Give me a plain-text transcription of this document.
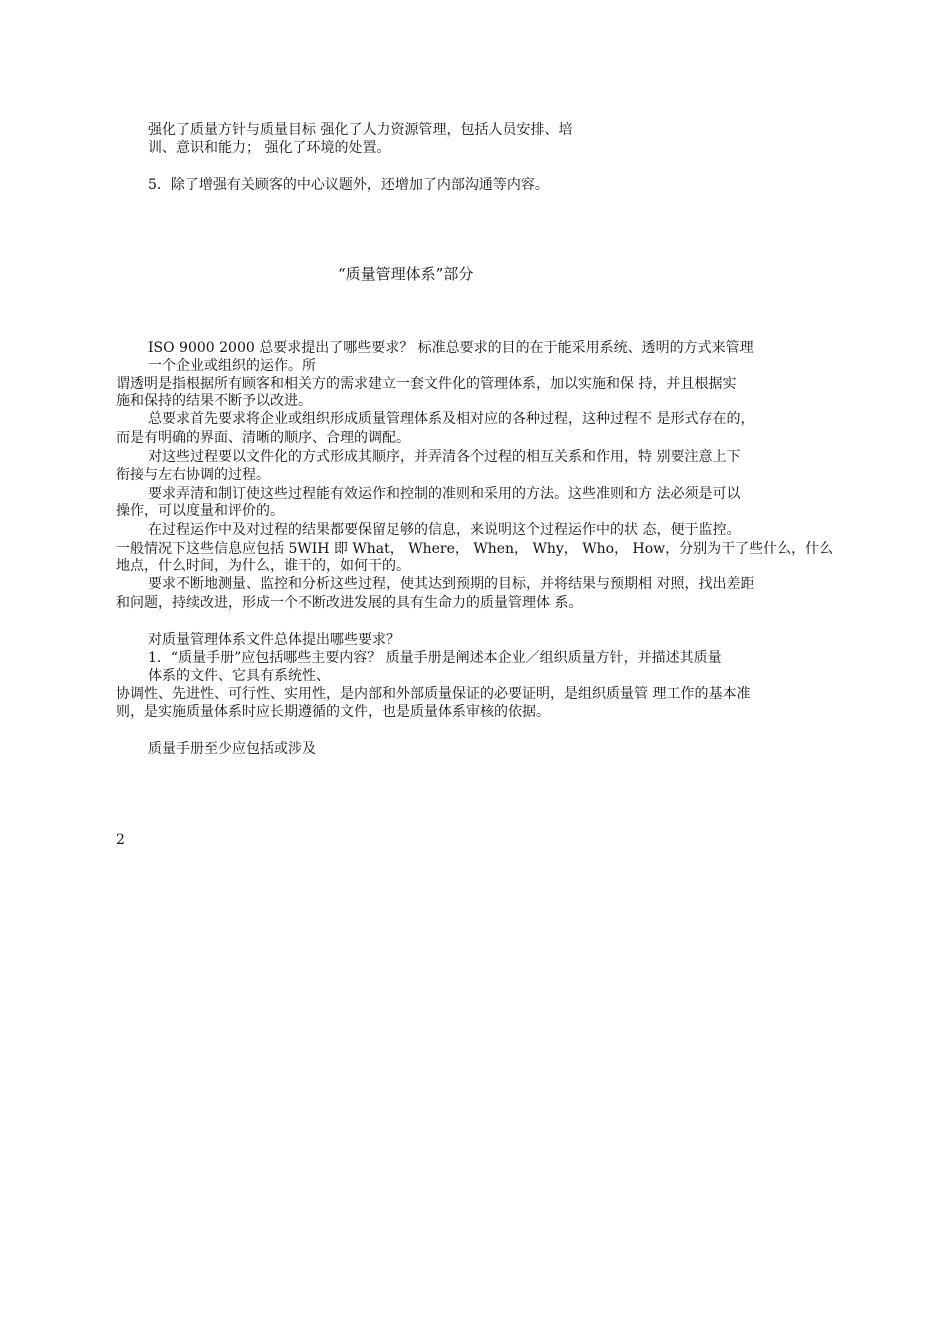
强化了质量方针与质量目标 强化了人力资源管理，包括人员安排、培
训、意识和能力； 强化了环境的处置。
5．除了增强有关顾客的中心议题外，还增加了内部沟通等内容。
“质量管理体系”部分
ISO 9000 2000 总要求提出了哪些要求？ 标准总要求的目的在于能采用系统、透明的方式来管理
一个企业或组织的运作。所
谓透明是指根据所有顾客和相关方的需求建立一套文件化的管理体系，加以实施和保 持，并且根据实
施和保持的结果不断予以改进。
总要求首先要求将企业或组织形成质量管理体系及相对应的各种过程，这种过程不 是形式存在的，
而是有明确的界面、清晰的顺序、合理的调配。
对这些过程要以文件化的方式形成其顺序，并弄清各个过程的相互关系和作用，特 别要注意上下
衔接与左右协调的过程。
要求弄清和制订使这些过程能有效运作和控制的准则和采用的方法。这些准则和方 法必须是可以
操作，可以度量和评价的。
在过程运作中及对过程的结果都要保留足够的信息，来说明这个过程运作中的状 态，便于监控。
一般情况下这些信息应包括 5WIH 即 What， Where， When， Why， Who， How，分别为干了些什么，什么
地点，什么时间，为什么，谁干的，如何干的。
要求不断地测量、监控和分析这些过程，使其达到预期的目标，并将结果与预期相 对照，找出差距
和问题，持续改进，形成一个不断改进发展的具有生命力的质量管理体 系。
对质量管理体系文件总体提出哪些要求？
1．“质量手册”应包括哪些主要内容？ 质量手册是阐述本企业／组织质量方针，并描述其质量
体系的文件、它具有系统性、
协调性、先进性、可行性、实用性，是内部和外部质量保证的必要证明，是组织质量管 理工作的基本准
则，是实施质量体系时应长期遵循的文件，也是质量体系审核的依据。
质量手册至少应包括或涉及
2
